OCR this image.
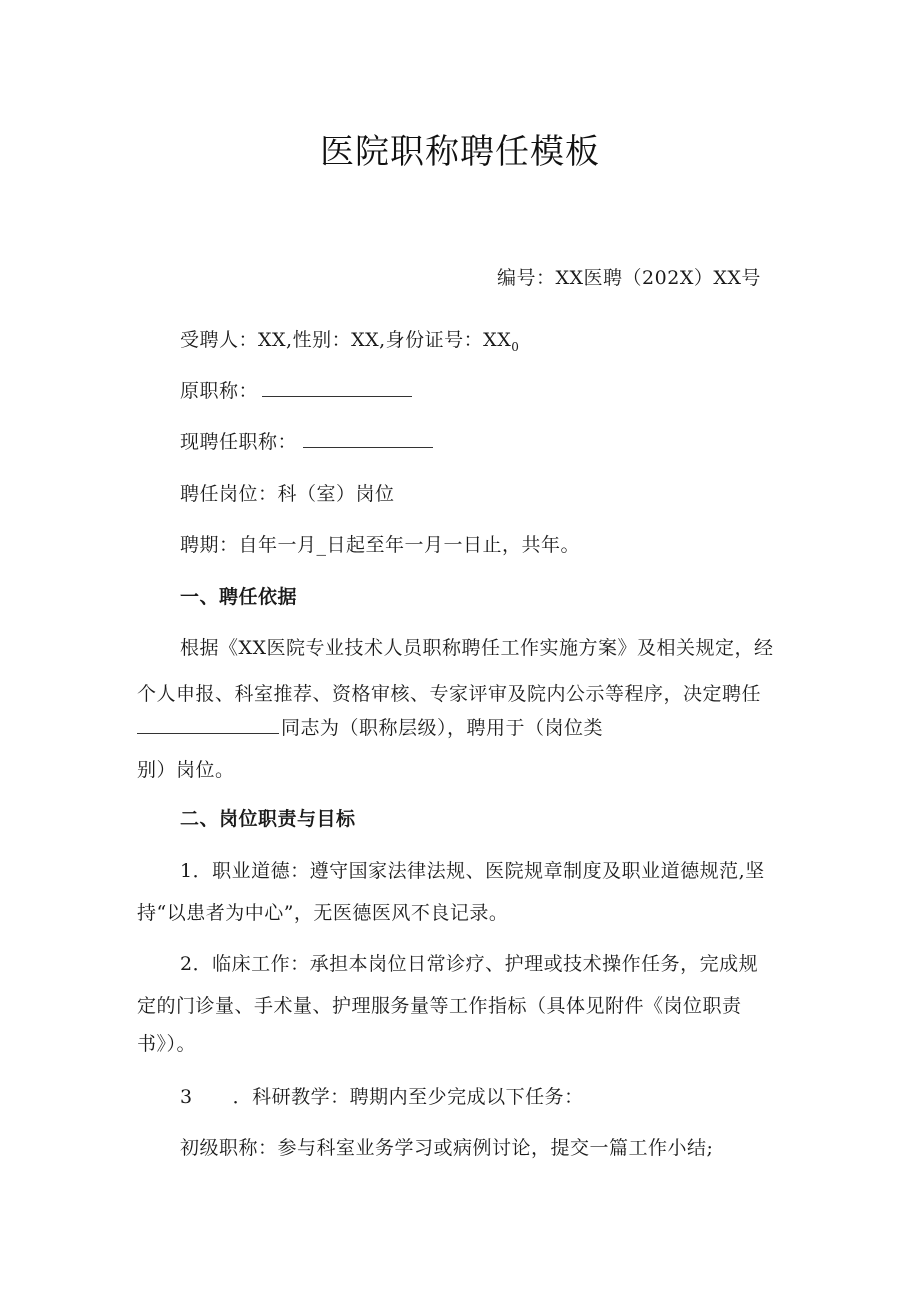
医院职称聘任模板
编号：XX医聘（202X）XX号
受聘人：XX,性别：XX,身份证号：$XX_0$
原职称：
现聘任职称：
聘任岗位：科（室）岗位
聘期：自年一月_日起至年一月一日止，共年。
一、聘任依据
根据《XX医院专业技术人员职称聘任工作实施方案》及相关规定，经
个人申报、科室推荐、资格审核、专家评审及院内公示等程序，决定聘任
同志为（职称层级），聘用于（岗位类
别）岗位。
二、岗位职责与目标
1．职业道德：遵守国家法律法规、医院规章制度及职业道德规范,坚
持“以患者为中心”，无医德医风不良记录。
2．临床工作：承担本岗位日常诊疗、护理或技术操作任务，完成规
定的门诊量、手术量、护理服务量等工作指标（具体见附件《岗位职责
书》）。
3 ．科研教学：聘期内至少完成以下任务：
初级职称：参与科室业务学习或病例讨论，提交一篇工作小结;
